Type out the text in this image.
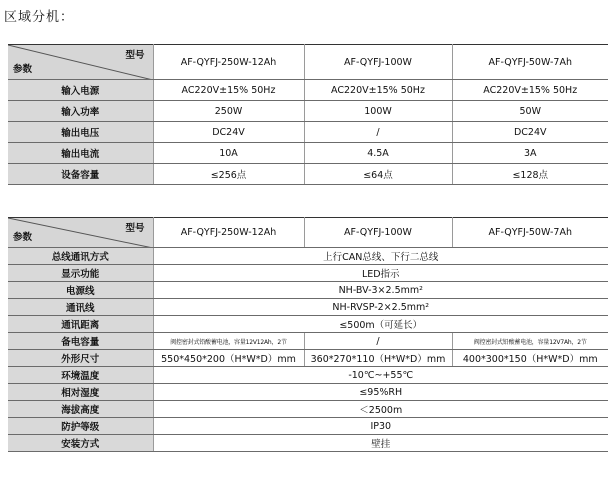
区域分机：
型号
参数	AF-QYFJ-250W-12Ah	AF-QYFJ-100W	AF-QYFJ-50W-7Ah
输入电源	AC220V±15% 50Hz	AC220V±15% 50Hz	AC220V±15% 50Hz
输入功率	250W	100W	50W
输出电压	DC24V	/	DC24V
输出电流	10A	4.5A	3A
设备容量	≤256点	≤64点	≤128点
型号
参数	AF-QYFJ-250W-12Ah	AF-QYFJ-100W	AF-QYFJ-50W-7Ah
总线通讯方式	上行CAN总线、下行二总线		
显示功能	LED指示		
电源线	NH-BV-3×2.5mm²		
通讯线	NH-RVSP-2×2.5mm²		
通讯距离	≤500m（可延长）		
备电容量	阀控密封式铅酸蓄电池，容量12V12Ah，2节	/	阀控密封式铅酸蓄电池，容量12V7Ah，2节
外形尺寸	550*450*200（H*W*D）mm	360*270*110（H*W*D）mm	400*300*150（H*W*D）mm
环境温度	-10℃~+55℃		
相对湿度	≤95%RH		
海拔高度	＜2500m		
防护等级	IP30		
安装方式	壁挂		
